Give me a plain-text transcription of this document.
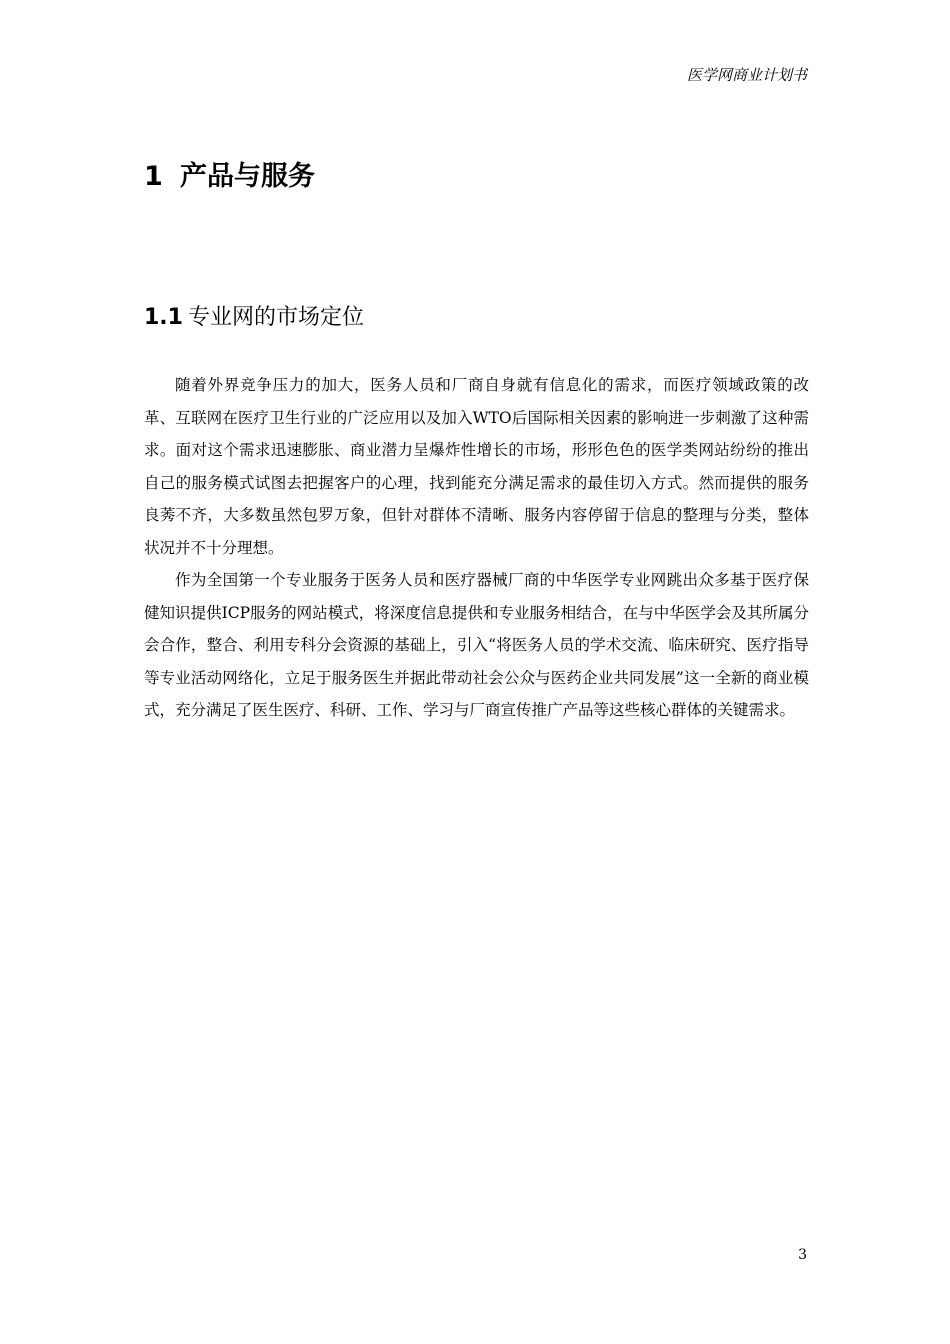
医学网商业计划书
1 产品与服务
1.1 专业网的市场定位

随着外界竞争压力的加大，医务人员和厂商自身就有信息化的需求，而医疗领域政策的改革、互联网在医疗卫生行业的广泛应用以及加入WTO后国际相关因素的影响进一步刺激了这种需求。面对这个需求迅速膨胀、商业潜力呈爆炸性增长的市场，形形色色的医学类网站纷纷的推出自己的服务模式试图去把握客户的心理，找到能充分满足需求的最佳切入方式。然而提供的服务良莠不齐，大多数虽然包罗万象，但针对群体不清晰、服务内容停留于信息的整理与分类，整体状况并不十分理想。

作为全国第一个专业服务于医务人员和医疗器械厂商的中华医学专业网跳出众多基于医疗保健知识提供ICP服务的网站模式，将深度信息提供和专业服务相结合，在与中华医学会及其所属分会合作，整合、利用专科分会资源的基础上，引入“将医务人员的学术交流、临床研究、医疗指导等专业活动网络化，立足于服务医生并据此带动社会公众与医药企业共同发展”这一全新的商业模式，充分满足了医生医疗、科研、工作、学习与厂商宣传推广产品等这些核心群体的关键需求。

3
